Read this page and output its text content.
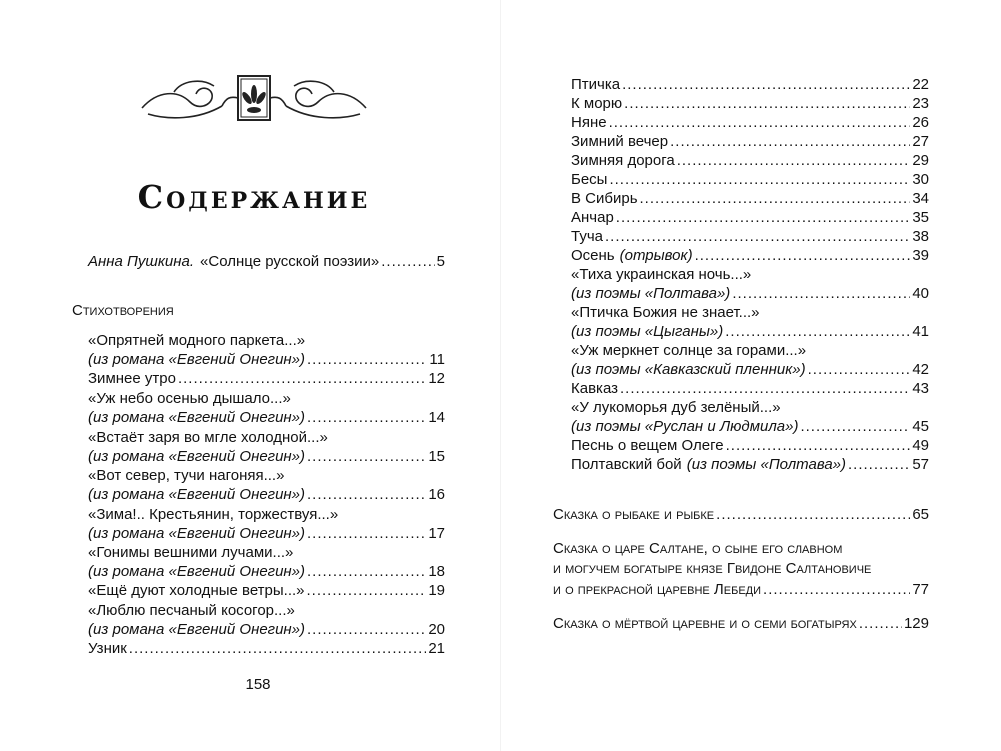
Содержание
Анна Пушкина. «Солнце русской поэзии» .....	5
Стихотворения
«Опрятней модного паркета...»
(из романа «Евгений Онегин») .....	11
Зимнее утро .....	12
«Уж небо осенью дышало...»
(из романа «Евгений Онегин») .....	14
«Встаёт заря во мгле холодной...»
(из романа «Евгений Онегин») .....	15
«Вот север, тучи нагоняя...»
(из романа «Евгений Онегин») .....	16
«Зима!.. Крестьянин, торжествуя...»
(из романа «Евгений Онегин») .....	17
«Гонимы вешними лучами...»
(из романа «Евгений Онегин») .....	18
«Ещё дуют холодные ветры...» .....	19
«Люблю песчаный косогор...»
(из романа «Евгений Онегин») .....	20
Узник .....	21
158
Птичка .....	22
К морю .....	23
Няне .....	26
Зимний вечер .....	27
Зимняя дорога .....	29
Бесы .....	30
В Сибирь .....	34
Анчар .....	35
Туча .....	38
Осень (отрывок) .....	39
«Тиха украинская ночь...»
(из поэмы «Полтава») .....	40
«Птичка Божия не знает...»
(из поэмы «Цыганы») .....	41
«Уж меркнет солнце за горами...»
(из поэмы «Кавказский пленник») .....	42
Кавказ .....	43
«У лукоморья дуб зелёный...»
(из поэмы «Руслан и Людмила») .....	45
Песнь о вещем Олеге .....	49
Полтавский бой (из поэмы «Полтава») .....	57
Сказка о рыбаке и рыбке .....	65
Сказка о царе Салтане, о сыне его славном
и могучем богатыре князе Гвидоне Салтановиче
и о прекрасной царевне Лебеди .....	77
Сказка о мёртвой царевне и о семи богатырях .....	129
